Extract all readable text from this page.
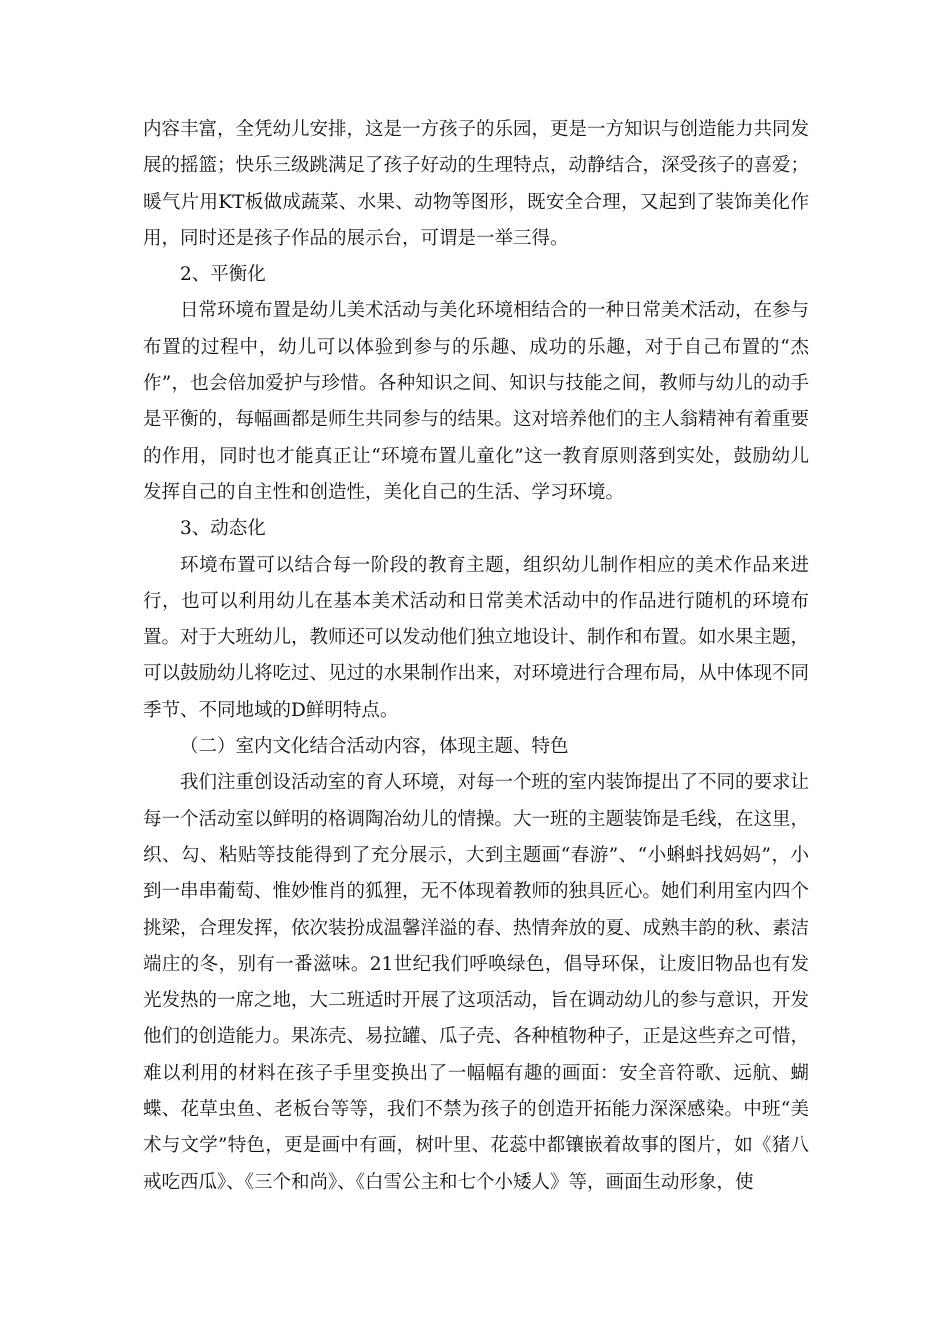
内容丰富，全凭幼儿安排，这是一方孩子的乐园，更是一方知识与创造能力共同发展的摇篮；快乐三级跳满足了孩子好动的生理特点，动静结合，深受孩子的喜爱；暖气片用KT板做成蔬菜、水果、动物等图形，既安全合理，又起到了装饰美化作用，同时还是孩子作品的展示台，可谓是一举三得。

2、平衡化

日常环境布置是幼儿美术活动与美化环境相结合的一种日常美术活动，在参与布置的过程中，幼儿可以体验到参与的乐趣、成功的乐趣，对于自己布置的“杰作”，也会倍加爱护与珍惜。各种知识之间、知识与技能之间，教师与幼儿的动手是平衡的，每幅画都是师生共同参与的结果。这对培养他们的主人翁精神有着重要的作用，同时也才能真正让“环境布置儿童化”这一教育原则落到实处，鼓励幼儿发挥自己的自主性和创造性，美化自己的生活、学习环境。

3、动态化

环境布置可以结合每一阶段的教育主题，组织幼儿制作相应的美术作品来进行，也可以利用幼儿在基本美术活动和日常美术活动中的作品进行随机的环境布置。对于大班幼儿，教师还可以发动他们独立地设计、制作和布置。如水果主题，可以鼓励幼儿将吃过、见过的水果制作出来，对环境进行合理布局，从中体现不同季节、不同地域的D鲜明特点。

（二）室内文化结合活动内容，体现主题、特色

我们注重创设活动室的育人环境，对每一个班的室内装饰提出了不同的要求让每一个活动室以鲜明的格调陶冶幼儿的情操。大一班的主题装饰是毛线，在这里，织、勾、粘贴等技能得到了充分展示，大到主题画“春游”、“小蝌蚪找妈妈”，小到一串串葡萄、惟妙惟肖的狐狸，无不体现着教师的独具匠心。她们利用室内四个挑梁，合理发挥，依次装扮成温馨洋溢的春、热情奔放的夏、成熟丰韵的秋、素洁端庄的冬，别有一番滋味。21世纪我们呼唤绿色，倡导环保，让废旧物品也有发光发热的一席之地，大二班适时开展了这项活动，旨在调动幼儿的参与意识，开发他们的创造能力。果冻壳、易拉罐、瓜子壳、各种植物种子，正是这些弃之可惜，难以利用的材料在孩子手里变换出了一幅幅有趣的画面：安全音符歌、远航、蝴蝶、花草虫鱼、老板台等等，我们不禁为孩子的创造开拓能力深深感染。中班“美术与文学”特色，更是画中有画，树叶里、花蕊中都镶嵌着故事的图片，如《猪八戒吃西瓜》、《三个和尚》、《白雪公主和七个小矮人》等，画面生动形象，使
